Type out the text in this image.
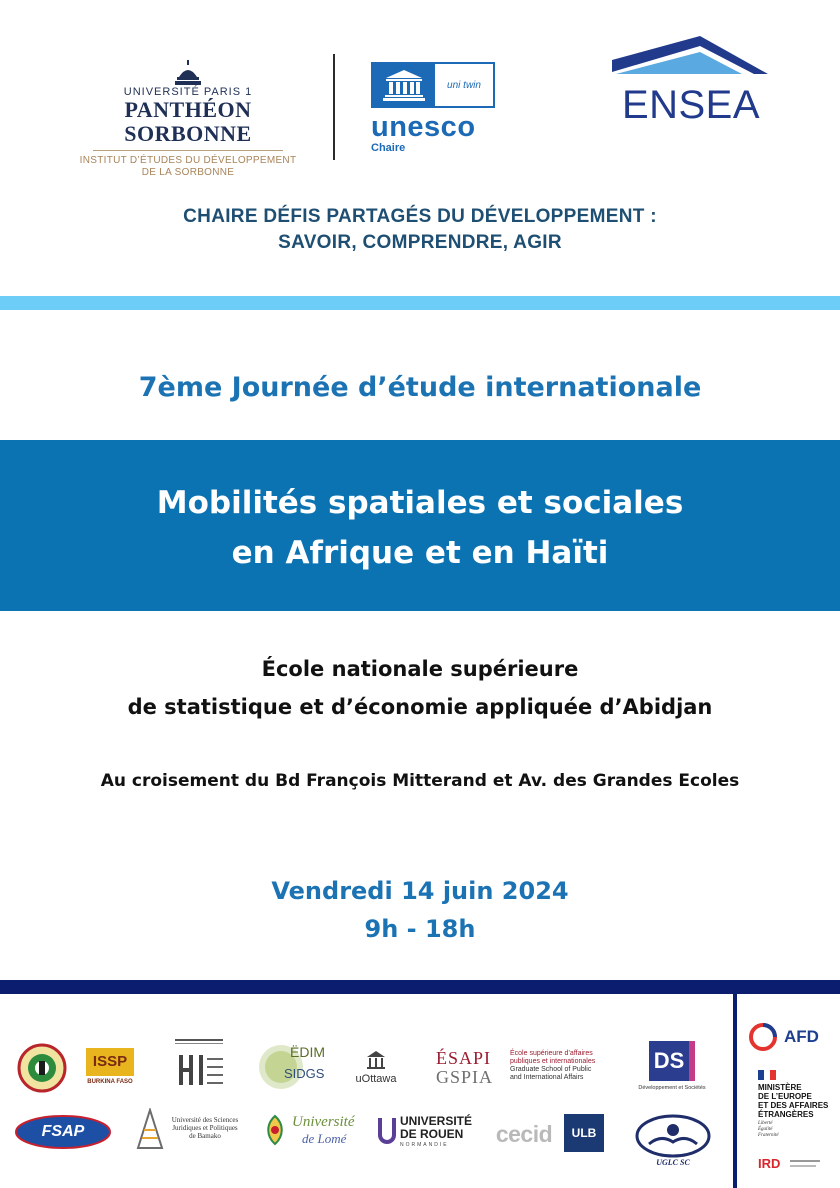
UNIVERSITÉ PARIS 1
PANTHÉON SORBONNE
INSTITUT D’ÉTUDES DU DÉVELOPPEMENT
DE LA SORBONNE
uni twin
unesco
Chaire
ENSEA
CHAIRE DÉFIS PARTAGÉS DU DÉVELOPPEMENT :
SAVOIR, COMPRENDRE, AGIR
7ème Journée d’étude internationale
Mobilités spatiales et sociales
en Afrique et en Haïti
École nationale supérieure
de statistique et d’économie appliquée d’Abidjan
Au croisement du Bd François Mitterand et Av. des Grandes Ecoles
Vendredi 14 juin 2024
9h - 18h
ISSP
BURKINA FASO
ËDIM
SIDGS	uOttawa
ÉSAPI
GSPIA
École supérieure d’affaires
publiques et internationales
Graduate School of Public
and International Affairs
DS
Développement et Sociétés
FSAP
Université des Sciences
Juridiques et Politiques
de Bamako
Université
de Lomé
UNIVERSITÉ
DE ROUEN
NORMANDIE cecid ULB
UGLC SC
AFD
MINISTÈRE
DE L’EUROPE
ET DES AFFAIRES
ÉTRANGÈRES
Liberté
Égalité
Fraternité
IRD
